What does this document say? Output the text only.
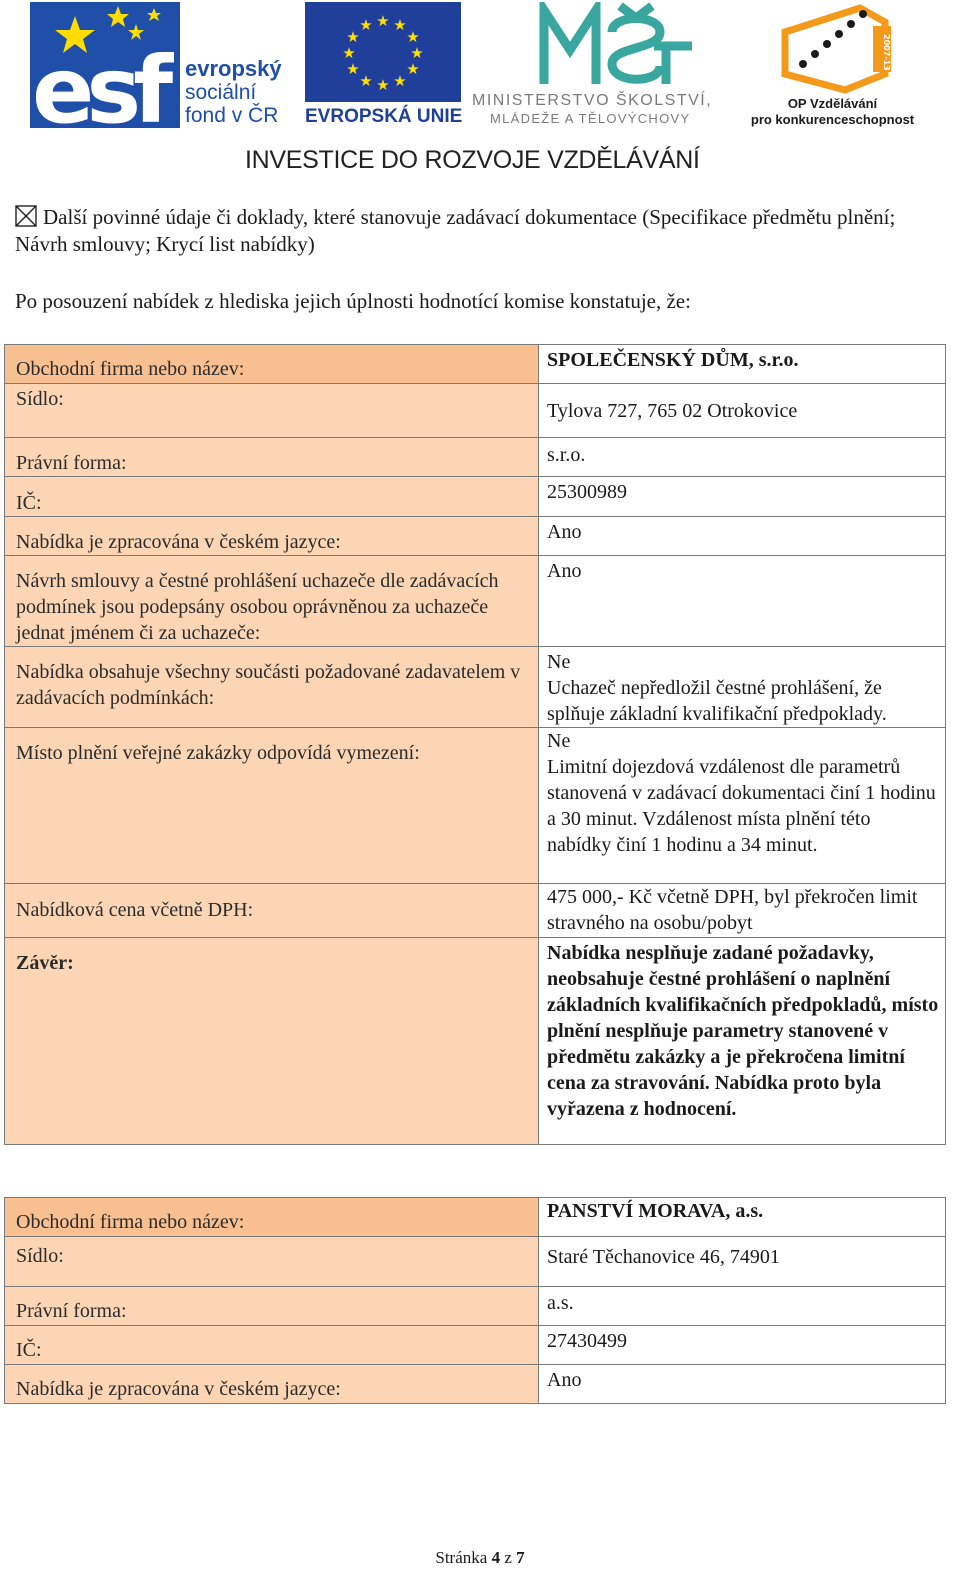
esf evropský
sociální
fond v ČR
★ ★
★
★
★
★
★
★
★
★
★
★
EVROPSKÁ UNIE
MINISTERSTVO ŠKOLSTVÍ,
MLÁDEŽE A TĚLOVÝCHOVY
2007-13
OP Vzdělávání
pro konkurenceschopnost
INVESTICE DO ROZVOJE VZDĚLÁVÁNÍ
Další povinné údaje či doklady, které stanovuje zadávací dokumentace (Specifikace předmětu plnění; Návrh smlouvy; Krycí list nabídky)
Po posouzení nabídek z hlediska jejich úplnosti hodnotící komise konstatuje, že:
Obchodní firma nebo název:	SPOLEČENSKÝ DŮM, s.r.o.
Sídlo:	Tylova 727, 765 02 Otrokovice
Právní forma:	s.r.o.
IČ:	25300989
Nabídka je zpracována v českém jazyce:	Ano
Návrh smlouvy a čestné prohlášení uchazeče dle zadávacích podmínek jsou podepsány osobou oprávněnou za uchazeče jednat jménem či za uchazeče:	Ano
Nabídka obsahuje všechny součásti požadované zadavatelem v zadávacích podmínkách:	Ne
Uchazeč nepředložil čestné prohlášení, že splňuje základní kvalifikační předpoklady.

Místo plnění veřejné zakázky odpovídá vymezení:	Ne
Limitní dojezdová vzdálenost dle parametrů stanovená v zadávací dokumentaci činí 1 hodinu a 30 minut. Vzdálenost místa plnění této nabídky činí 1 hodinu a 34 minut.

Nabídková cena včetně DPH:	475 000,- Kč včetně DPH, byl překročen limit stravného na osobu/pobyt
Závěr:	Nabídka nesplňuje zadané požadavky, neobsahuje čestné prohlášení o naplnění základních kvalifikačních předpokladů, místo plnění nesplňuje parametry stanovené v předmětu zakázky a je překročena limitní cena za stravování. Nabídka proto byla vyřazena z hodnocení.
Obchodní firma nebo název:	PANSTVÍ MORAVA, a.s.
Sídlo:	Staré Těchanovice 46, 74901
Právní forma:	a.s.
IČ:	27430499
Nabídka je zpracována v českém jazyce:	Ano
Stránka 4 z 7
